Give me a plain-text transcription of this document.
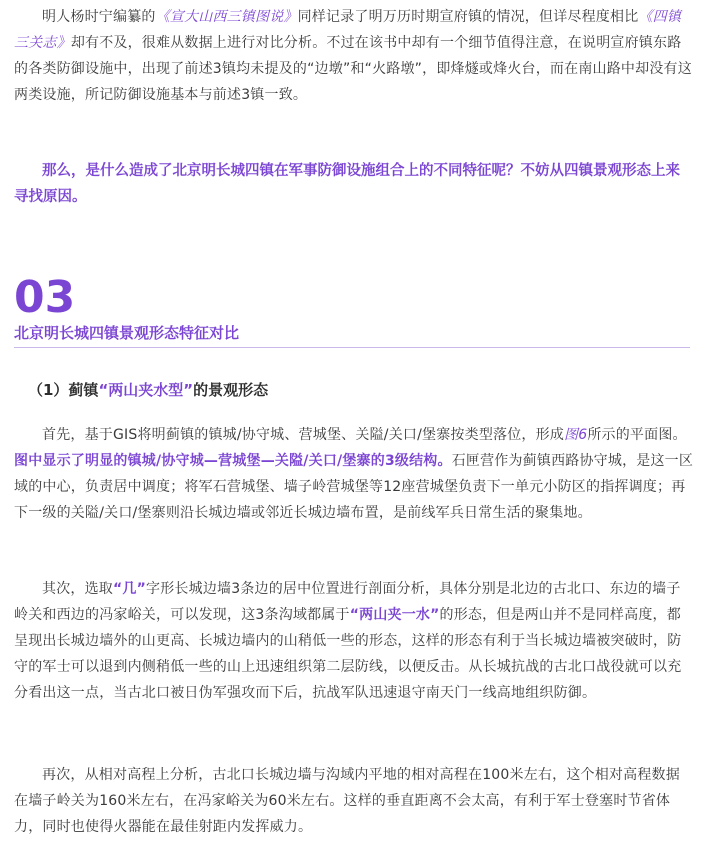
明人杨时宁编纂的《宣大山西三镇图说》同样记录了明万历时期宣府镇的情况，但详尽程度相比《四镇三关志》却有不及，很难从数据上进行对比分析。不过在该书中却有一个细节值得注意，在说明宣府镇东路的各类防御设施中，出现了前述3镇均未提及的“边墩”和“火路墩”，即烽燧或烽火台，而在南山路中却没有这两类设施，所记防御设施基本与前述3镇一致。

那么，是什么造成了北京明长城四镇在军事防御设施组合上的不同特征呢？不妨从四镇景观形态上来寻找原因。

03
北京明长城四镇景观形态特征对比

（1）蓟镇“两山夹水型”的景观形态

首先，基于GIS将明蓟镇的镇城/协守城、营城堡、关隘/关口/堡寨按类型落位，形成图6所示的平面图。图中显示了明显的镇城/协守城—营城堡—关隘/关口/堡寨的3级结构。石匣营作为蓟镇西路协守城，是这一区域的中心，负责居中调度；将军石营城堡、墙子岭营城堡等12座营城堡负责下一单元小防区的指挥调度；再下一级的关隘/关口/堡寨则沿长城边墙或邻近长城边墙布置，是前线军兵日常生活的聚集地。

其次，选取“几”字形长城边墙3条边的居中位置进行剖面分析，具体分别是北边的古北口、东边的墙子岭关和西边的冯家峪关，可以发现，这3条沟域都属于“两山夹一水”的形态，但是两山并不是同样高度，都呈现出长城边墙外的山更高、长城边墙内的山稍低一些的形态，这样的形态有利于当长城边墙被突破时，防守的军士可以退到内侧稍低一些的山上迅速组织第二层防线，以便反击。从长城抗战的古北口战役就可以充分看出这一点，当古北口被日伪军强攻而下后，抗战军队迅速退守南天门一线高地组织防御。

再次，从相对高程上分析，古北口长城边墙与沟域内平地的相对高程在100米左右，这个相对高程数据在墙子岭关为160米左右，在冯家峪关为60米左右。这样的垂直距离不会太高，有利于军士登塞时节省体力，同时也使得火器能在最佳射距内发挥威力。
